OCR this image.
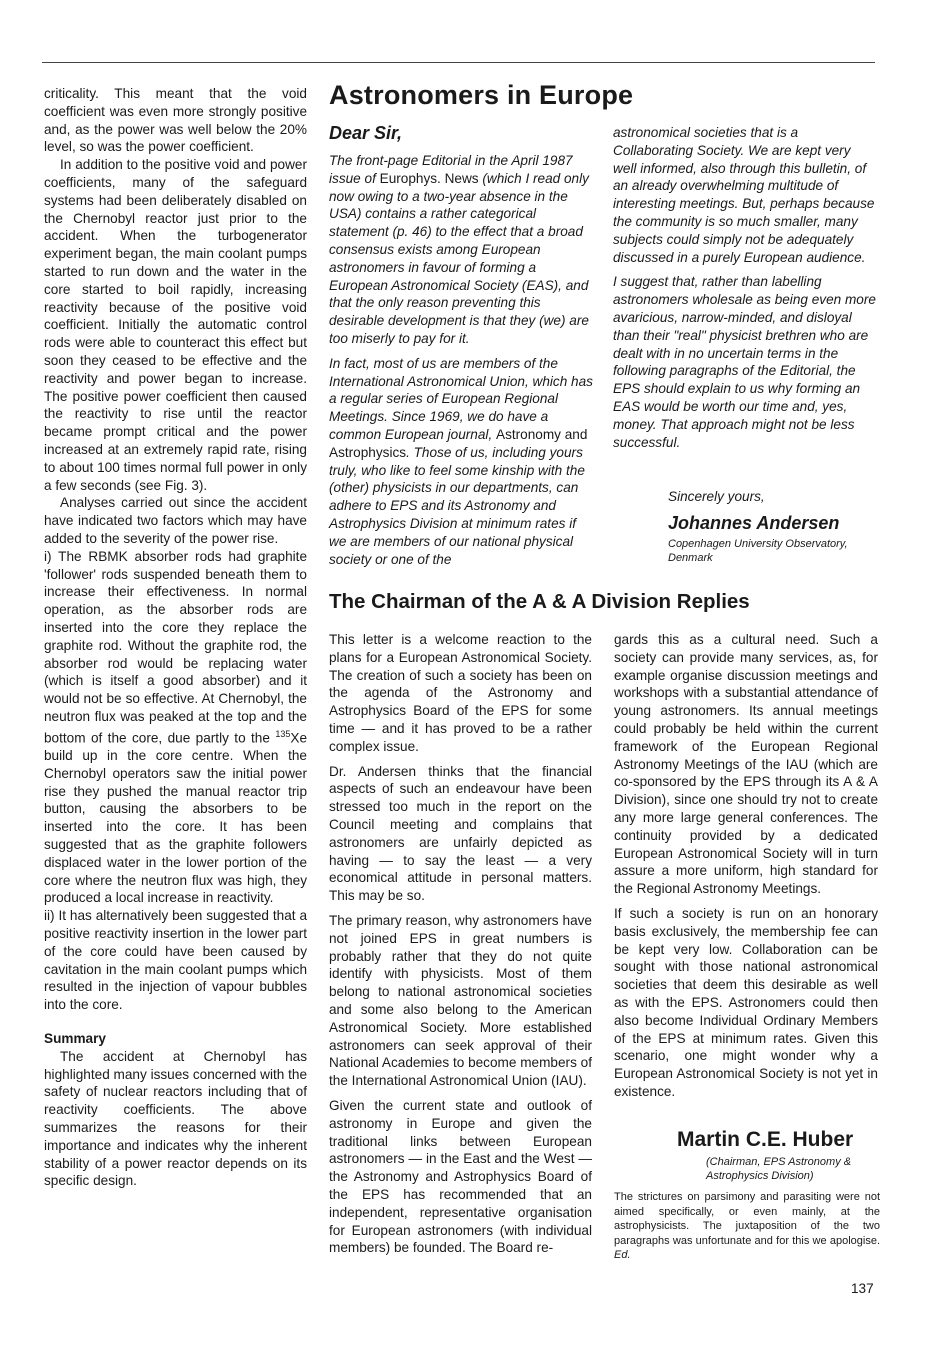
criticality. This meant that the void coefficient was even more strongly positive and, as the power was well below the 20% level, so was the power coefficient.

In addition to the positive void and power coefficients, many of the safeguard systems had been deliberately disabled on the Chernobyl reactor just prior to the accident. When the turbogenerator experiment began, the main coolant pumps started to run down and the water in the core started to boil rapidly, increasing reactivity because of the positive void coefficient. Initially the automatic control rods were able to counteract this effect but soon they ceased to be effective and the reactivity and power began to increase. The positive power coefficient then caused the reactivity to rise until the reactor became prompt critical and the power increased at an extremely rapid rate, rising to about 100 times normal full power in only a few seconds (see Fig. 3).

Analyses carried out since the accident have indicated two factors which may have added to the severity of the power rise.

i) The RBMK absorber rods had graphite 'follower' rods suspended beneath them to increase their effectiveness. In normal operation, as the absorber rods are inserted into the core they replace the graphite rod. Without the graphite rod, the absorber rod would be replacing water (which is itself a good absorber) and it would not be so effective. At Chernobyl, the neutron flux was peaked at the top and the bottom of the core, due partly to the $^{135}$Xe build up in the core centre. When the Chernobyl operators saw the initial power rise they pushed the manual reactor trip button, causing the absorbers to be inserted into the core. It has been suggested that as the graphite followers displaced water in the lower portion of the core where the neutron flux was high, they produced a local increase in reactivity.

ii) It has alternatively been suggested that a positive reactivity insertion in the lower part of the core could have been caused by cavitation in the main coolant pumps which resulted in the injection of vapour bubbles into the core.

Summary

The accident at Chernobyl has highlighted many issues concerned with the safety of nuclear reactors including that of reactivity coefficients. The above summarizes the reasons for their importance and indicates why the inherent stability of a power reactor depends on its specific design.

Astronomers in Europe
Dear Sir,

The front-page Editorial in the April 1987 issue of Europhys. News (which I read only now owing to a two-year absence in the USA) contains a rather categorical statement (p. 46) to the effect that a broad consensus exists among European astronomers in favour of forming a European Astronomical Society (EAS), and that the only reason preventing this desirable development is that they (we) are too miserly to pay for it.

In fact, most of us are members of the International Astronomical Union, which has a regular series of European Regional Meetings. Since 1969, we do have a common European journal, Astronomy and Astrophysics. Those of us, including yours truly, who like to feel some kinship with the (other) physicists in our departments, can adhere to EPS and its Astronomy and Astrophysics Division at minimum rates if we are members of our national physical society or one of the

astronomical societies that is a Collaborating Society. We are kept very well informed, also through this bulletin, of an already overwhelming multitude of interesting meetings. But, perhaps because the community is so much smaller, many subjects could simply not be adequately discussed in a purely European audience.

I suggest that, rather than labelling astronomers wholesale as being even more avaricious, narrow-minded, and disloyal than their "real" physicist brethren who are dealt with in no uncertain terms in the following paragraphs of the Editorial, the EPS should explain to us why forming an EAS would be worth our time and, yes, money. That approach might not be less successful.

Sincerely yours,
Johannes Andersen
Copenhagen University Observatory, Denmark
The Chairman of the A & A Division Replies

This letter is a welcome reaction to the plans for a European Astronomical Society. The creation of such a society has been on the agenda of the Astronomy and Astrophysics Board of the EPS for some time — and it has proved to be a rather complex issue.

Dr. Andersen thinks that the financial aspects of such an endeavour have been stressed too much in the report on the Council meeting and complains that astronomers are unfairly depicted as having — to say the least — a very economical attitude in personal matters. This may be so.

The primary reason, why astronomers have not joined EPS in great numbers is probably rather that they do not quite identify with physicists. Most of them belong to national astronomical societies and some also belong to the American Astronomical Society. More established astronomers can seek approval of their National Academies to become members of the International Astronomical Union (IAU).

Given the current state and outlook of astronomy in Europe and given the traditional links between European astronomers — in the East and the West — the Astronomy and Astrophysics Board of the EPS has recommended that an independent, representative organisation for European astronomers (with individual members) be founded. The Board re-

gards this as a cultural need. Such a society can provide many services, as, for example organise discussion meetings and workshops with a substantial attendance of young astronomers. Its annual meetings could probably be held within the current framework of the European Regional Astronomy Meetings of the IAU (which are co-sponsored by the EPS through its A & A Division), since one should try not to create any more large general conferences. The continuity provided by a dedicated European Astronomical Society will in turn assure a more uniform, high standard for the Regional Astronomy Meetings.

If such a society is run on an honorary basis exclusively, the membership fee can be kept very low. Collaboration can be sought with those national astronomical societies that deem this desirable as well as with the EPS. Astronomers could then also become Individual Ordinary Members of the EPS at minimum rates. Given this scenario, one might wonder why a European Astronomical Society is not yet in existence.

Martin C.E. Huber
(Chairman, EPS Astronomy & Astrophysics Division)
The strictures on parsimony and parasiting were not aimed specifically, or even mainly, at the astrophysicists. The juxtaposition of the two paragraphs was unfortunate and for this we apologise. Ed.
137
